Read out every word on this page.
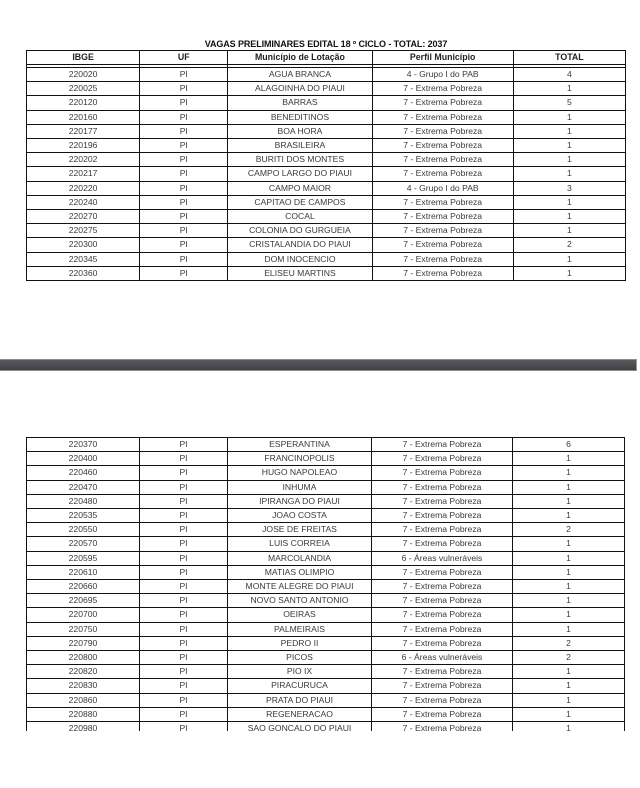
VAGAS PRELIMINARES EDITAL 18 º CICLO - TOTAL: 2037
IBGE	UF	Município de Lotação	Perfil Município	TOTAL

220020	PI	AGUA BRANCA	4 - Grupo I do PAB	4
220025	PI	ALAGOINHA DO PIAUI	7 - Extrema Pobreza	1
220120	PI	BARRAS	7 - Extrema Pobreza	5
220160	PI	BENEDITINOS	7 - Extrema Pobreza	1
220177	PI	BOA HORA	7 - Extrema Pobreza	1
220196	PI	BRASILEIRA	7 - Extrema Pobreza	1
220202	PI	BURITI DOS MONTES	7 - Extrema Pobreza	1
220217	PI	CAMPO LARGO DO PIAUI	7 - Extrema Pobreza	1
220220	PI	CAMPO MAIOR	4 - Grupo I do PAB	3
220240	PI	CAPITAO DE CAMPOS	7 - Extrema Pobreza	1
220270	PI	COCAL	7 - Extrema Pobreza	1
220275	PI	COLONIA DO GURGUEIA	7 - Extrema Pobreza	1
220300	PI	CRISTALANDIA DO PIAUI	7 - Extrema Pobreza	2
220345	PI	DOM INOCENCIO	7 - Extrema Pobreza	1
220360	PI	ELISEU MARTINS	7 - Extrema Pobreza	1
220370	PI	ESPERANTINA	7 - Extrema Pobreza	6
220400	PI	FRANCINOPOLIS	7 - Extrema Pobreza	1
220460	PI	HUGO NAPOLEAO	7 - Extrema Pobreza	1
220470	PI	INHUMA	7 - Extrema Pobreza	1
220480	PI	IPIRANGA DO PIAUI	7 - Extrema Pobreza	1
220535	PI	JOAO COSTA	7 - Extrema Pobreza	1
220550	PI	JOSE DE FREITAS	7 - Extrema Pobreza	2
220570	PI	LUIS CORREIA	7 - Extrema Pobreza	1
220595	PI	MARCOLANDIA	6 - Áreas vulneráveis	1
220610	PI	MATIAS OLIMPIO	7 - Extrema Pobreza	1
220660	PI	MONTE ALEGRE DO PIAUI	7 - Extrema Pobreza	1
220695	PI	NOVO SANTO ANTONIO	7 - Extrema Pobreza	1
220700	PI	OEIRAS	7 - Extrema Pobreza	1
220750	PI	PALMEIRAIS	7 - Extrema Pobreza	1
220790	PI	PEDRO II	7 - Extrema Pobreza	2
220800	PI	PICOS	6 - Áreas vulneráveis	2
220820	PI	PIO IX	7 - Extrema Pobreza	1
220830	PI	PIRACURUCA	7 - Extrema Pobreza	1
220860	PI	PRATA DO PIAUI	7 - Extrema Pobreza	1
220880	PI	REGENERACAO	7 - Extrema Pobreza	1
220980	PI	SAO GONCALO DO PIAUI	7 - Extrema Pobreza	1
